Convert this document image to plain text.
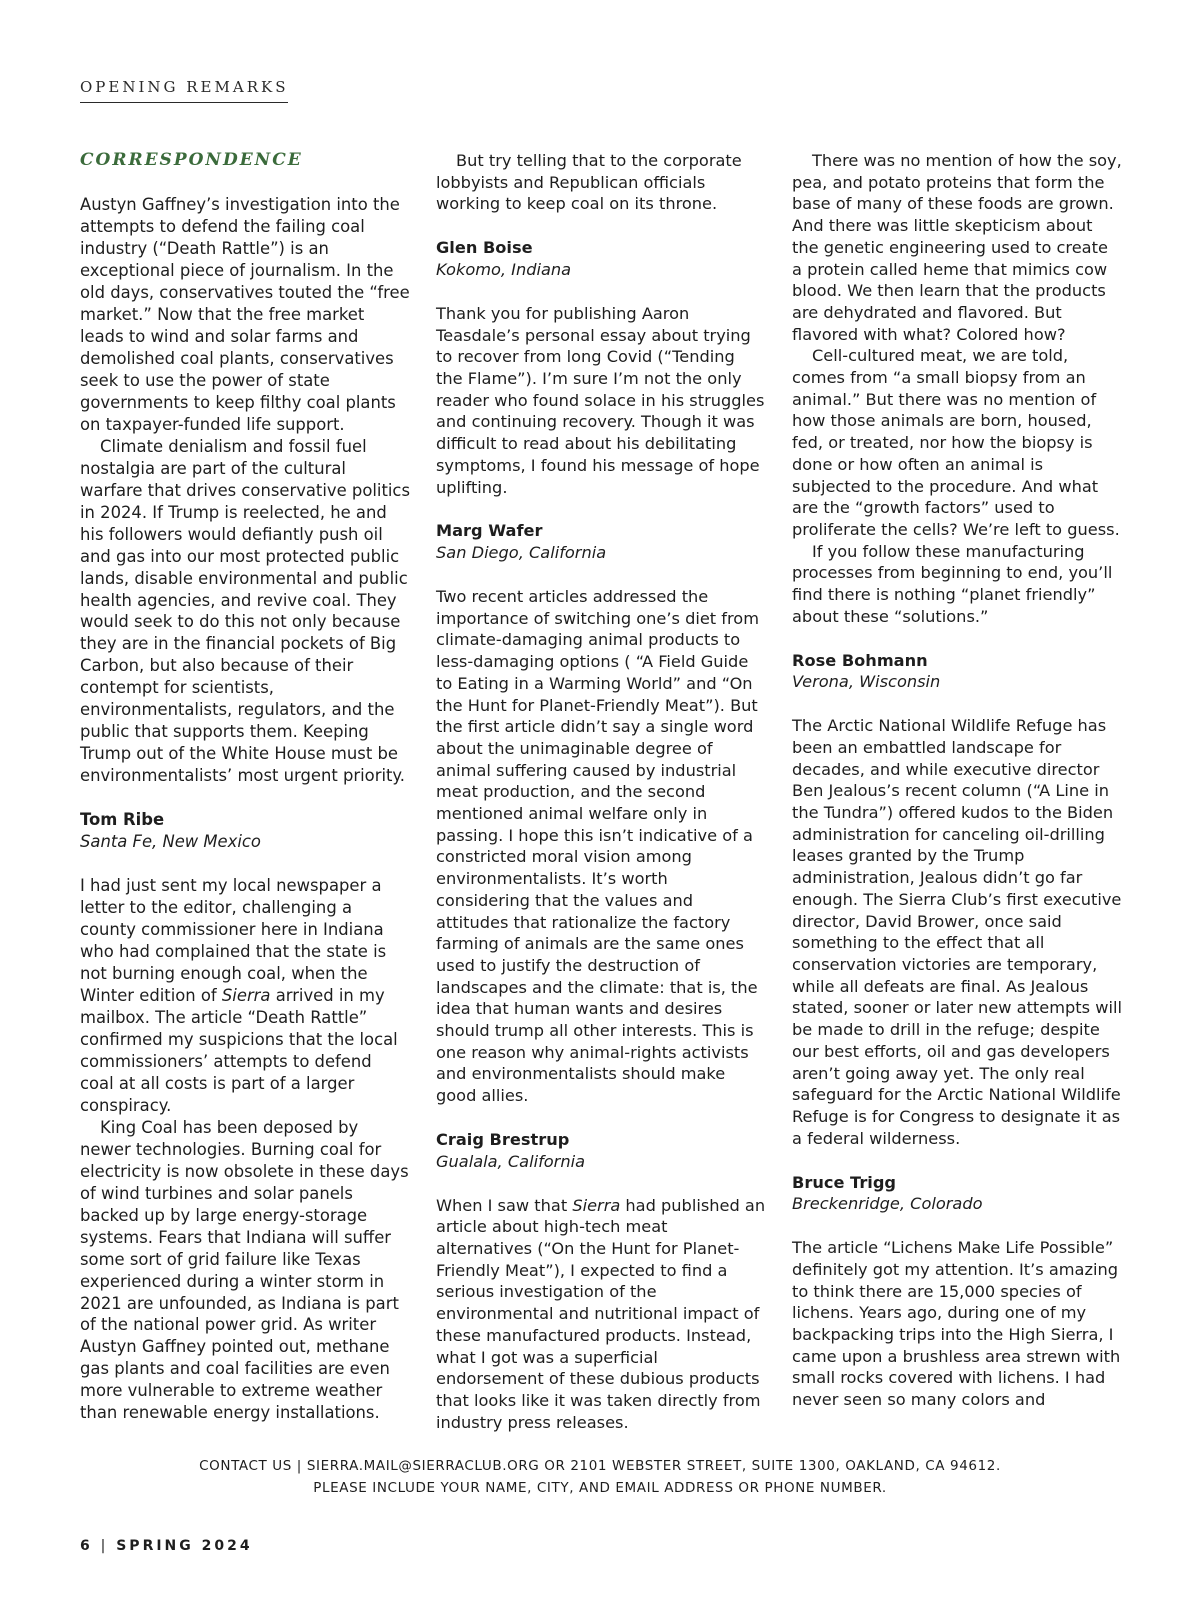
OPENING REMARKS
CORRESPONDENCE

Austyn Gaffney’s investigation into the attempts to defend the failing coal industry (“Death Rattle”) is an exceptional piece of journalism. In the old days, conservatives touted the “free market.” Now that the free market leads to wind and solar farms and demolished coal plants, conservatives seek to use the power of state governments to keep filthy coal plants on taxpayer-funded life support.

Climate denialism and fossil fuel nostalgia are part of the cultural warfare that drives conservative politics in 2024. If Trump is reelected, he and his followers would defiantly push oil and gas into our most protected public lands, disable environmental and public health agencies, and revive coal. They would seek to do this not only because they are in the financial pockets of Big Carbon, but also because of their contempt for scientists, environmentalists, regulators, and the public that supports them. Keeping Trump out of the White House must be environmentalists’ most urgent priority.

Tom Ribe

Santa Fe, New Mexico

I had just sent my local newspaper a letter to the editor, challenging a county commissioner here in Indiana who had complained that the state is not burning enough coal, when the Winter edition of Sierra arrived in my mailbox. The article “Death Rattle” confirmed my suspicions that the local commissioners’ attempts to defend coal at all costs is part of a larger conspiracy.

King Coal has been deposed by newer technologies. Burning coal for electricity is now obsolete in these days of wind turbines and solar panels backed up by large energy-storage systems. Fears that Indiana will suffer some sort of grid failure like Texas experienced during a winter storm in 2021 are unfounded, as Indiana is part of the national power grid. As writer Austyn Gaffney pointed out, methane gas plants and coal facilities are even more vulnerable to extreme weather than renewable energy installations.

But try telling that to the corporate lobbyists and Republican officials working to keep coal on its throne.

Glen Boise

Kokomo, Indiana

Thank you for publishing Aaron Teasdale’s personal essay about trying to recover from long Covid (“Tending the Flame”). I’m sure I’m not the only reader who found solace in his struggles and continuing recovery. Though it was difficult to read about his debilitating symptoms, I found his message of hope uplifting.

Marg Wafer

San Diego, California

Two recent articles addressed the importance of switching one’s diet from climate-damaging animal products to less-damaging options ( “A Field Guide to Eating in a Warming World” and “On the Hunt for Planet-Friendly Meat”). But the first article didn’t say a single word about the unimaginable degree of animal suffering caused by industrial meat production, and the second mentioned animal welfare only in passing. I hope this isn’t indicative of a constricted moral vision among environmentalists. It’s worth considering that the values and attitudes that rationalize the factory farming of animals are the same ones used to justify the destruction of landscapes and the climate: that is, the idea that human wants and desires should trump all other interests. This is one reason why animal-rights activists and environmentalists should make good allies.

Craig Brestrup

Gualala, California

When I saw that Sierra had published an article about high-tech meat alternatives (“On the Hunt for Planet-Friendly Meat”), I expected to find a serious investigation of the environmental and nutritional impact of these manufactured products. Instead, what I got was a superficial endorsement of these dubious products that looks like it was taken directly from industry press releases.

There was no mention of how the soy, pea, and potato proteins that form the base of many of these foods are grown. And there was little skepticism about the genetic engineering used to create a protein called heme that mimics cow blood. We then learn that the products are dehydrated and flavored. But flavored with what? Colored how?

Cell-cultured meat, we are told, comes from “a small biopsy from an animal.” But there was no mention of how those animals are born, housed, fed, or treated, nor how the biopsy is done or how often an animal is subjected to the procedure. And what are the “growth factors” used to proliferate the cells? We’re left to guess.

If you follow these manufacturing processes from beginning to end, you’ll find there is nothing “planet friendly” about these “solutions.”

Rose Bohmann

Verona, Wisconsin

The Arctic National Wildlife Refuge has been an embattled landscape for decades, and while executive director Ben Jealous’s recent column (“A Line in the Tundra”) offered kudos to the Biden administration for canceling oil-drilling leases granted by the Trump administration, Jealous didn’t go far enough. The Sierra Club’s first executive director, David Brower, once said something to the effect that all conservation victories are temporary, while all defeats are final. As Jealous stated, sooner or later new attempts will be made to drill in the refuge; despite our best efforts, oil and gas developers aren’t going away yet. The only real safeguard for the Arctic National Wildlife Refuge is for Congress to designate it as a federal wilderness.

Bruce Trigg

Breckenridge, Colorado

The article “Lichens Make Life Possible” definitely got my attention. It’s amazing to think there are 15,000 species of lichens. Years ago, during one of my backpacking trips into the High Sierra, I came upon a brushless area strewn with small rocks covered with lichens. I had never seen so many colors and

CONTACT US | SIERRA.MAIL@SIERRACLUB.ORG OR 2101 WEBSTER STREET, SUITE 1300, OAKLAND, CA 94612.
PLEASE INCLUDE YOUR NAME, CITY, AND EMAIL ADDRESS OR PHONE NUMBER.
6 | SPRING 2024
